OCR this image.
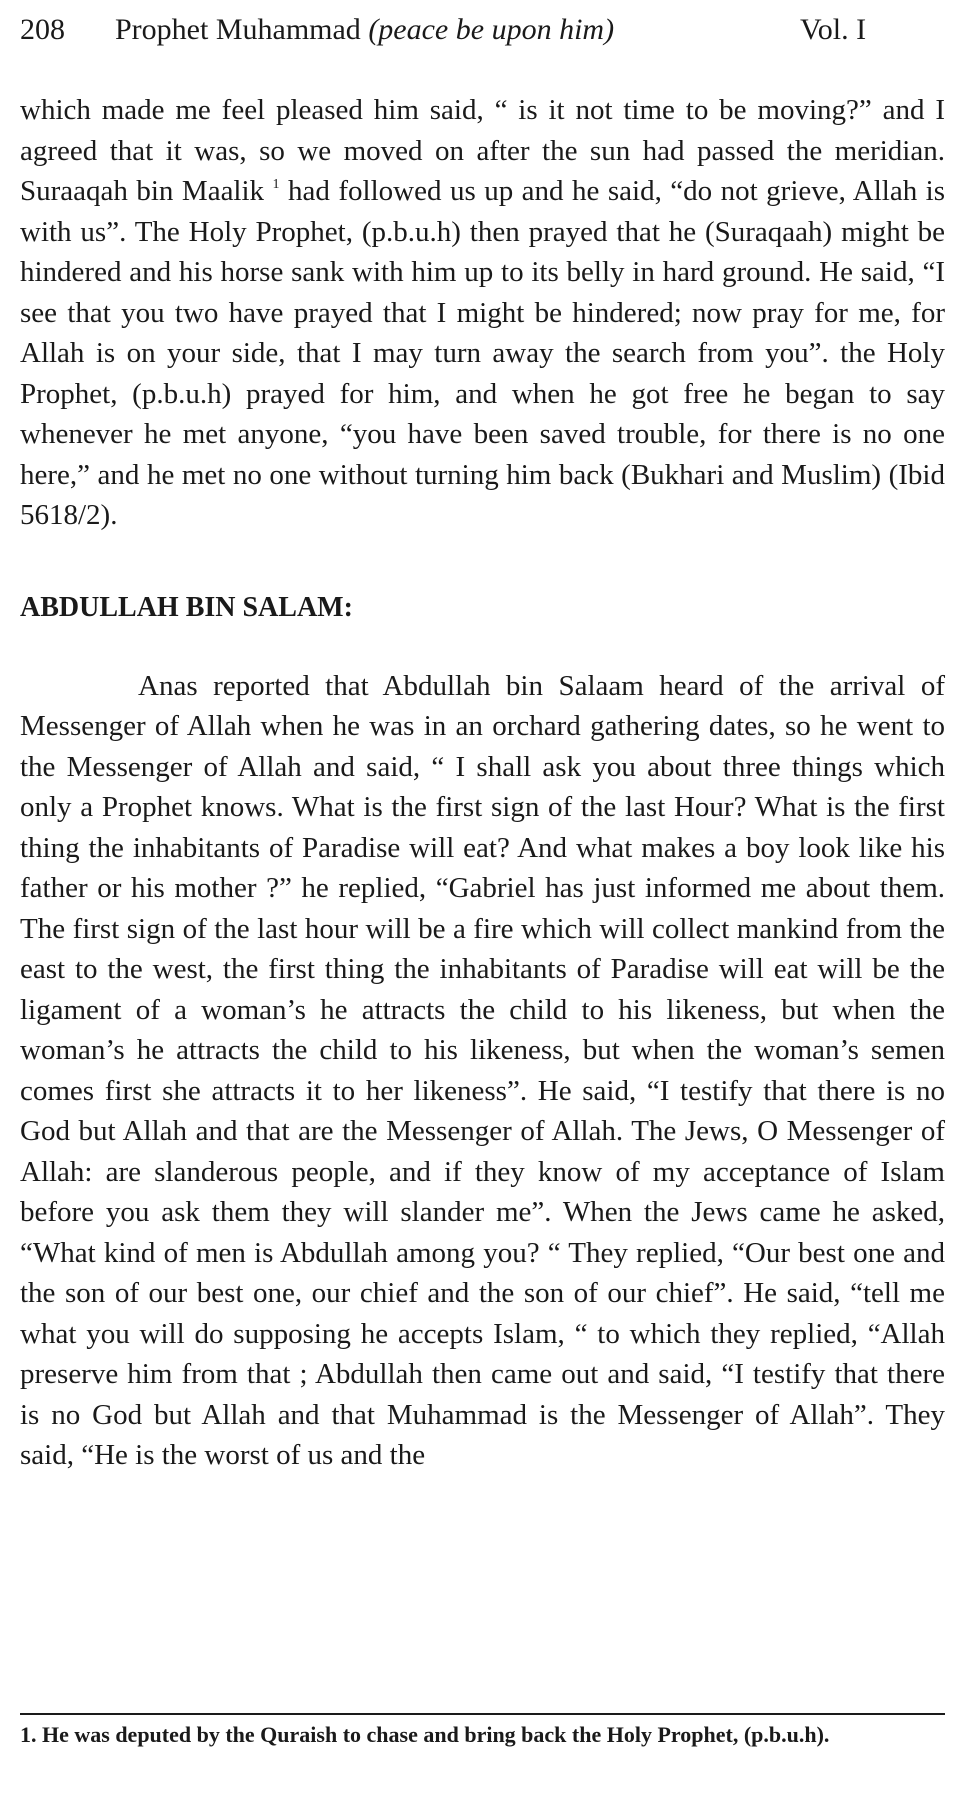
208 Prophet Muhammad (peace be upon him)	Vol. I

which made me feel pleased him said, “ is it not time to be moving?” and I agreed that it was, so we moved on after the sun had passed the meridian. Suraaqah bin Maalik $^1$ had followed us up and he said, “do not grieve, Allah is with us”. The Holy Prophet, (p.b.u.h) then prayed that he (Suraqaah) might be hindered and his horse sank with him up to its belly in hard ground. He said, “I see that you two have prayed that I might be hindered; now pray for me, for Allah is on your side, that I may turn away the search from you”. the Holy Prophet, (p.b.u.h) prayed for him, and when he got free he began to say whenever he met anyone, “you have been saved trouble, for there is no one here,” and he met no one without turning him back (Bukhari and Muslim) (Ibid 5618/2).

ABDULLAH BIN SALAM:

Anas reported that Abdullah bin Salaam heard of the arrival of Messenger of Allah when he was in an orchard gathering dates, so he went to the Messenger of Allah and said, “ I shall ask you about three things which only a Prophet knows. What is the first sign of the last Hour? What is the first thing the inhabitants of Paradise will eat? And what makes a boy look like his father or his mother ?” he replied, “Gabriel has just informed me about them. The first sign of the last hour will be a fire which will collect mankind from the east to the west, the first thing the inhabitants of Paradise will eat will be the ligament of a woman’s he attracts the child to his likeness, but when the woman’s he attracts the child to his likeness, but when the woman’s semen comes first she attracts it to her likeness”. He said, “I testify that there is no God but Allah and that are the Messenger of Allah. The Jews, O Messenger of Allah: are slanderous people, and if they know of my acceptance of Islam before you ask them they will slander me”. When the Jews came he asked, “What kind of men is Abdullah among you? “ They replied, “Our best one and the son of our best one, our chief and the son of our chief”. He said, “tell me what you will do supposing he accepts Islam, “ to which they replied, “Allah preserve him from that ; Abdullah then came out and said, “I testify that there is no God but Allah and that Muhammad is the Messenger of Allah”. They said, “He is the worst of us and the

1. He was deputed by the Quraish to chase and bring back the Holy Prophet, (p.b.u.h).
